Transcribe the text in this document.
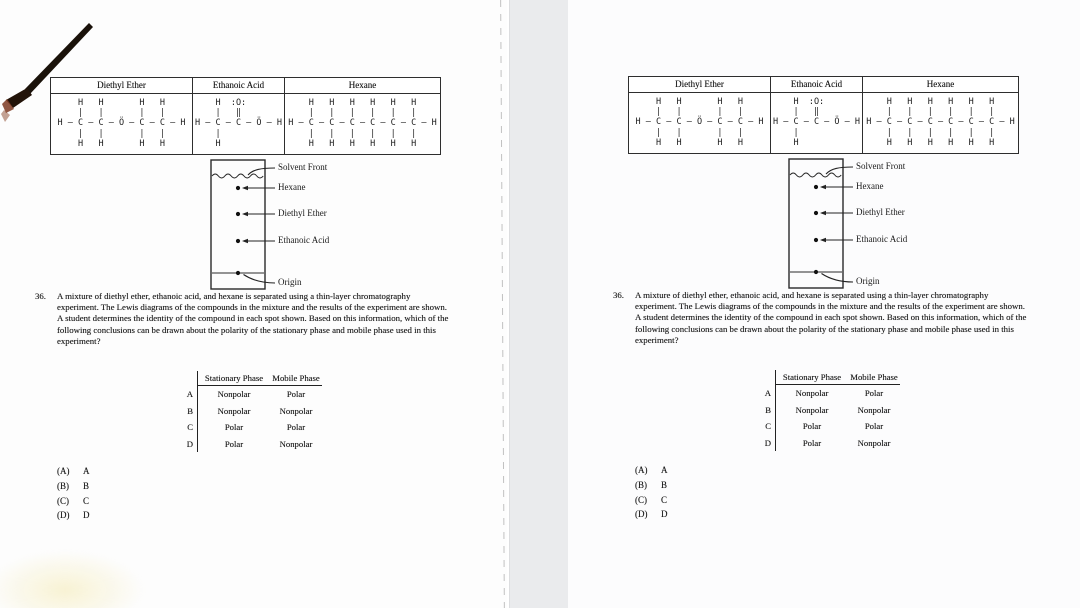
Diethyl Ether	Ethanoic Acid	Hexane
H   H       H   H
|   |       |   |
H — C — C — Ö — C — C — H
|   |       |   |
H   H       H   H
H  :O:
|   ‖
H — C — C — Ö — H
|
H
H   H   H   H   H   H
|   |   |   |   |   |
H — C — C — C — C — C — C — H
|   |   |   |   |   |
H   H   H   H   H   H
Solvent Front
Hexane
Diethyl Ether
Ethanoic Acid
Origin
36.	A mixture of diethyl ether, ethanoic acid, and hexane is separated using a thin-layer chromatography
experiment. The Lewis diagrams of the compounds in the mixture and the results of the experiment are shown.
A student determines the identity of the compound in each spot shown. Based on this information, which of the
following conclusions can be drawn about the polarity of the stationary phase and mobile phase used in this
experiment?
Stationary Phase	Mobile Phase
A	Nonpolar	Polar
B	Nonpolar	Nonpolar
C	Polar	Polar
D	Polar	Nonpolar
(A) A
(B) B
(C) C
(D) D
Diethyl Ether	Ethanoic Acid	Hexane
H   H       H   H
|   |       |   |
H — C — C — Ö — C — C — H
|   |       |   |
H   H       H   H
H  :O:
|   ‖
H — C — C — Ö — H
|
H
H   H   H   H   H   H
|   |   |   |   |   |
H — C — C — C — C — C — C — H
|   |   |   |   |   |
H   H   H   H   H   H
Solvent Front
Hexane
Diethyl Ether
Ethanoic Acid
Origin
36.	A mixture of diethyl ether, ethanoic acid, and hexane is separated using a thin-layer chromatography
experiment. The Lewis diagrams of the compounds in the mixture and the results of the experiment are shown.
A student determines the identity of the compound in each spot shown. Based on this information, which of the
following conclusions can be drawn about the polarity of the stationary phase and mobile phase used in this
experiment?
Stationary Phase	Mobile Phase
A	Nonpolar	Polar
B	Nonpolar	Nonpolar
C	Polar	Polar
D	Polar	Nonpolar
(A) A
(B) B
(C) C
(D) D
